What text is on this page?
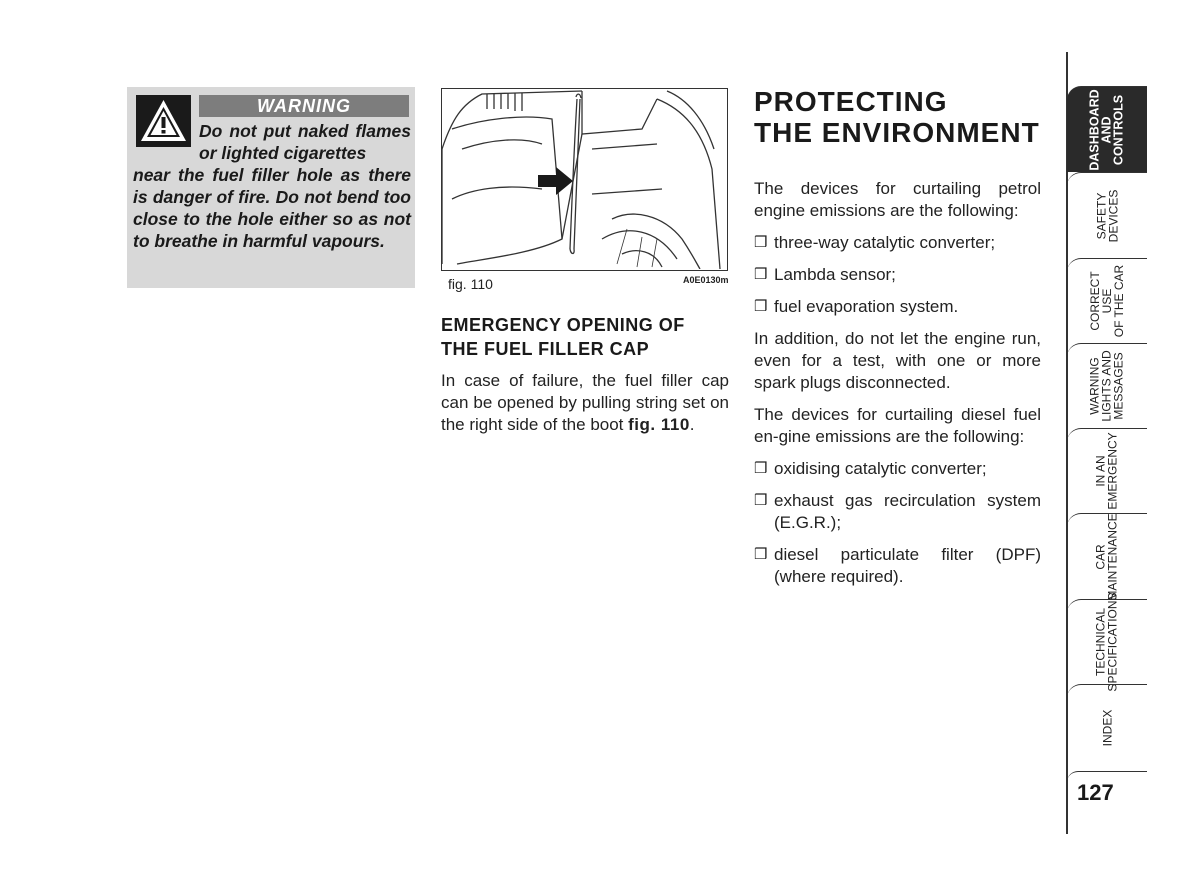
WARNING
Do not put naked flames or lighted cigarettes
near the fuel filler hole as there is danger of fire. Do not bend too close to the hole either so as not to breathe in harmful vapours.
fig. 110	A0E0130m
EMERGENCY OPENING OF
THE FUEL FILLER CAP
In case of failure, the fuel filler cap can be opened by pulling string set on the right side of the boot fig. 110.
PROTECTING
THE ENVIRONMENT

The devices for curtailing petrol engine emissions are the following:

❒ three-way catalytic converter;
❒ Lambda sensor;
❒ fuel evaporation system.

In addition, do not let the engine run, even for a test, with one or more spark plugs disconnected.

The devices for curtailing diesel fuel en-gine emissions are the following:

❒ oxidising catalytic converter;
❒ exhaust gas recirculation system (E.G.R.);
❒ diesel particulate filter (DPF) (where required).
DASHBOARD
AND
CONTROLS
SAFETY
DEVICES
CORRECT USE
OF THE CAR
WARNING
LIGHTS AND
MESSAGES
IN AN
EMERGENCY
CAR
MAINTENANCE
TECHNICAL
SPECIFICATIONS
INDEX
127
